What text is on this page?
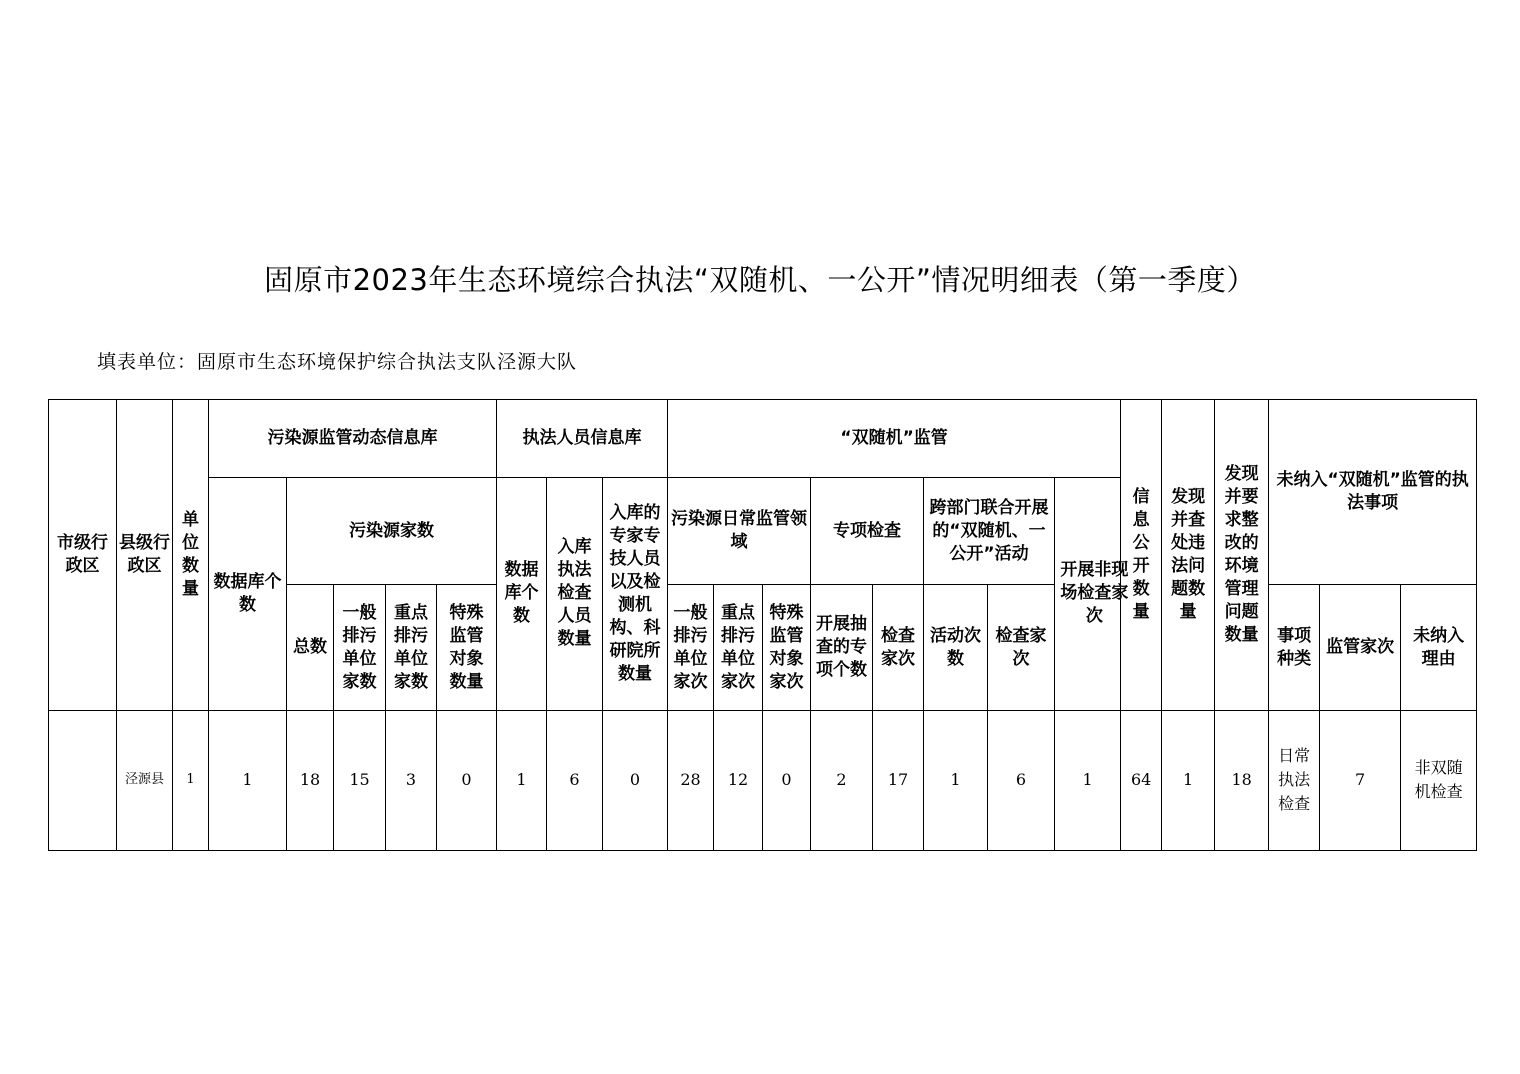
固原市2023年生态环境综合执法“双随机、一公开”情况明细表（第一季度）
填表单位：固原市生态环境保护综合执法支队泾源大队
市级行政区	县级行政区	单位数量	污染源监管动态信息库					执法人员信息库			“双随机”监管								信息公开数量	发现并查处违法问题数量	发现并要求整改的环境管理问题数量	未纳入“双随机”监管的执法事项		
			数据库个数	污染源家数				数据库个数	入库执法检查人员数量	入库的专家专技人员以及检测机构、科研院所数量	污染源日常监管领域			专项检查		跨部门联合开展的“双随机、一公开”活动		开展非现场检查家次						
				总数	一般排污单位家数	重点排污单位家数	特殊监管对象数量				一般排污单位家次	重点排污单位家次	特殊监管对象家次	开展抽查的专项个数	检查家次	活动次数	检查家次					事项种类	监管家次	未纳入理由
	泾源县	1	1	18	15	3	0	1	6	0	28	12	0	2	17	1	6	1	64	1	18	日常执法检查	7	非双随机检查
